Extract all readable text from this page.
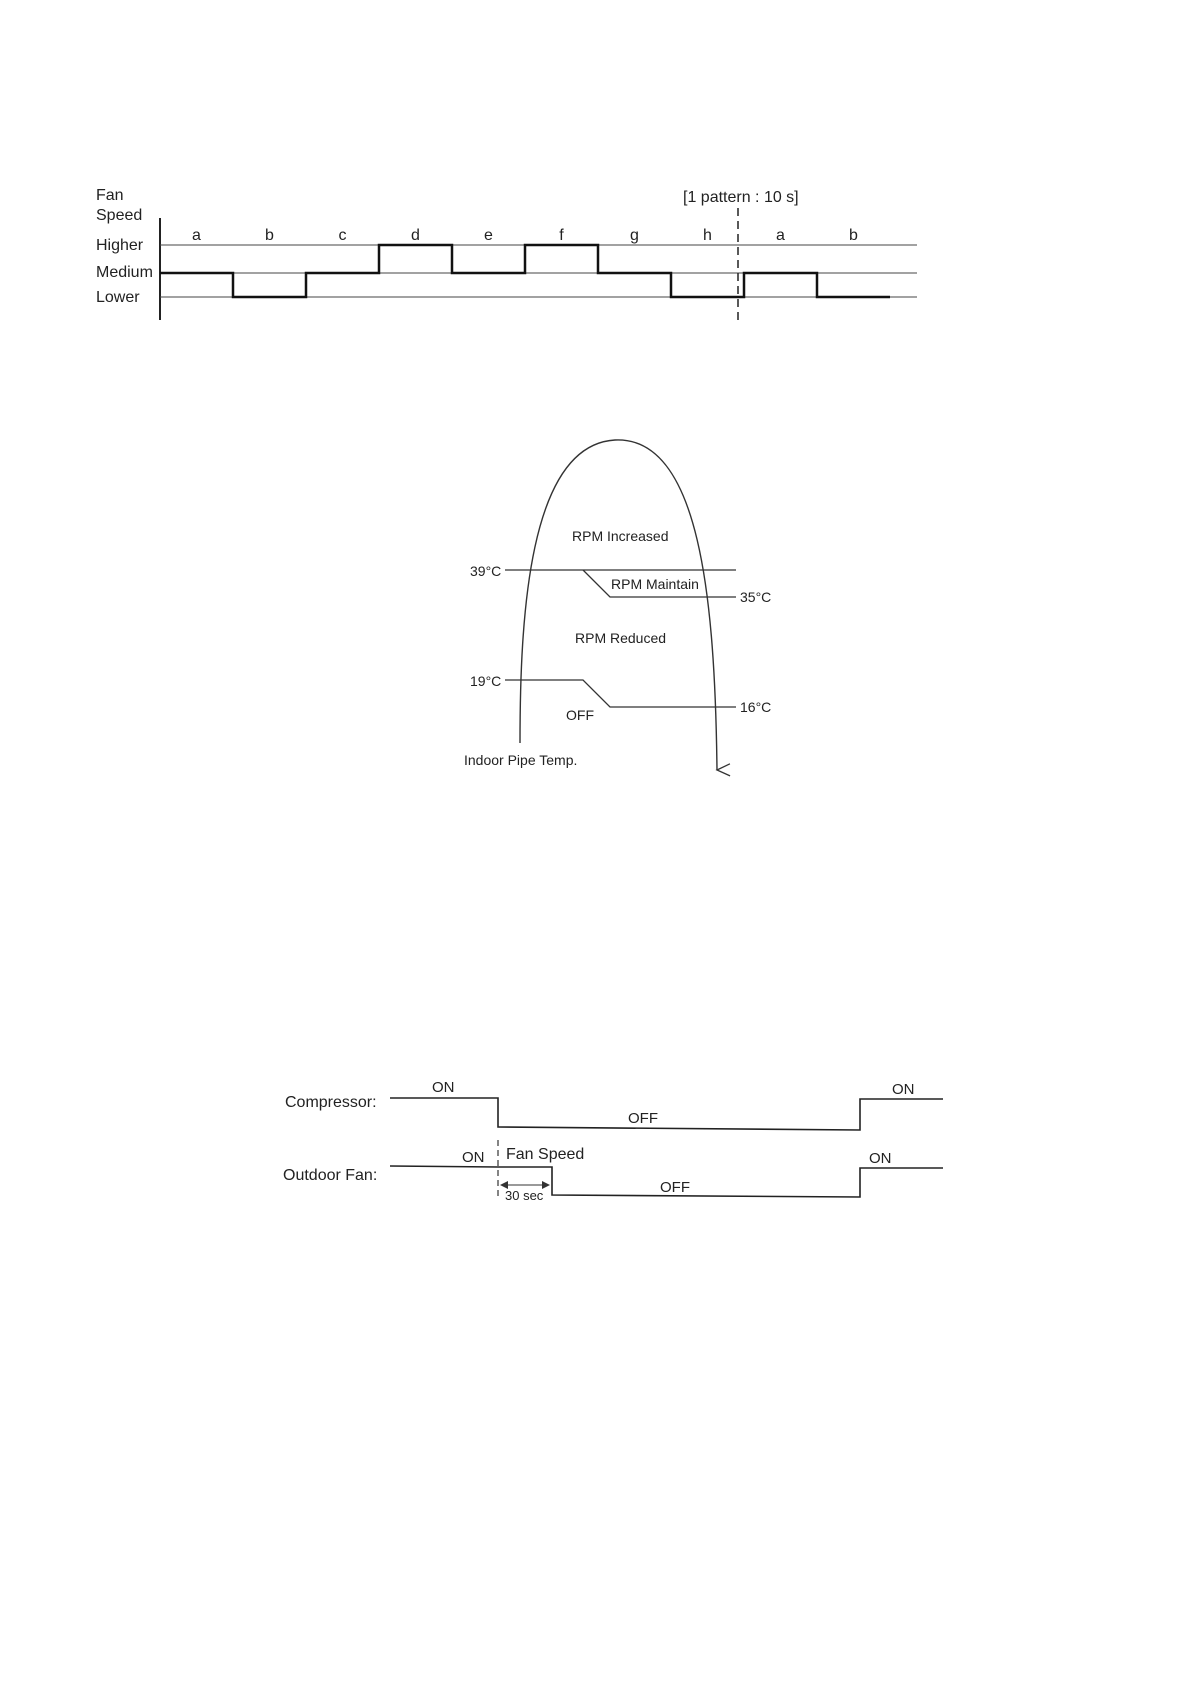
Fan
Speed
[1 pattern : 10 s]
Higher
Medium
Lower
a	b	c	d	e	f	g	h	a	b
RPM Increased
39°C
RPM Maintain
35°C
RPM Reduced
19°C
16°C
OFF
Indoor Pipe Temp.
Compressor:
Outdoor Fan:
ON
OFF
ON
ON Fan Speed
30 sec	OFF
ON
